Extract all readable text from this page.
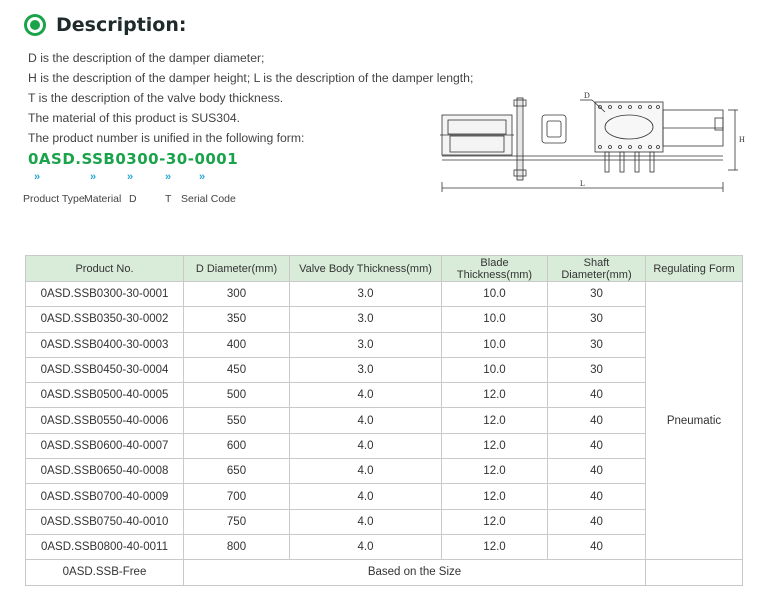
Description:
D is the description of the damper diameter;
H is the description of the damper height; L is the description of the damper length;
T is the description of the valve body thickness.
The material of this product is SUS304.
The product number is unified in the following form:
0ASD.SSB0300-30-0001
»	»	»	»	»
Product Type Material D	T Serial Code
D
H
L
Product No.	D Diameter(mm)	Valve Body Thickness(mm)	Blade Thickness(mm)	Shaft Diameter(mm)	Regulating Form
0ASD.SSB0300-30-0001	300	3.0	10.0	30	Pneumatic
0ASD.SSB0350-30-0002	350	3.0	10.0	30	
0ASD.SSB0400-30-0003	400	3.0	10.0	30	
0ASD.SSB0450-30-0004	450	3.0	10.0	30	
0ASD.SSB0500-40-0005	500	4.0	12.0	40	
0ASD.SSB0550-40-0006	550	4.0	12.0	40	
0ASD.SSB0600-40-0007	600	4.0	12.0	40	
0ASD.SSB0650-40-0008	650	4.0	12.0	40	
0ASD.SSB0700-40-0009	700	4.0	12.0	40	
0ASD.SSB0750-40-0010	750	4.0	12.0	40	
0ASD.SSB0800-40-0011	800	4.0	12.0	40	
0ASD.SSB-Free	Based on the Size				
